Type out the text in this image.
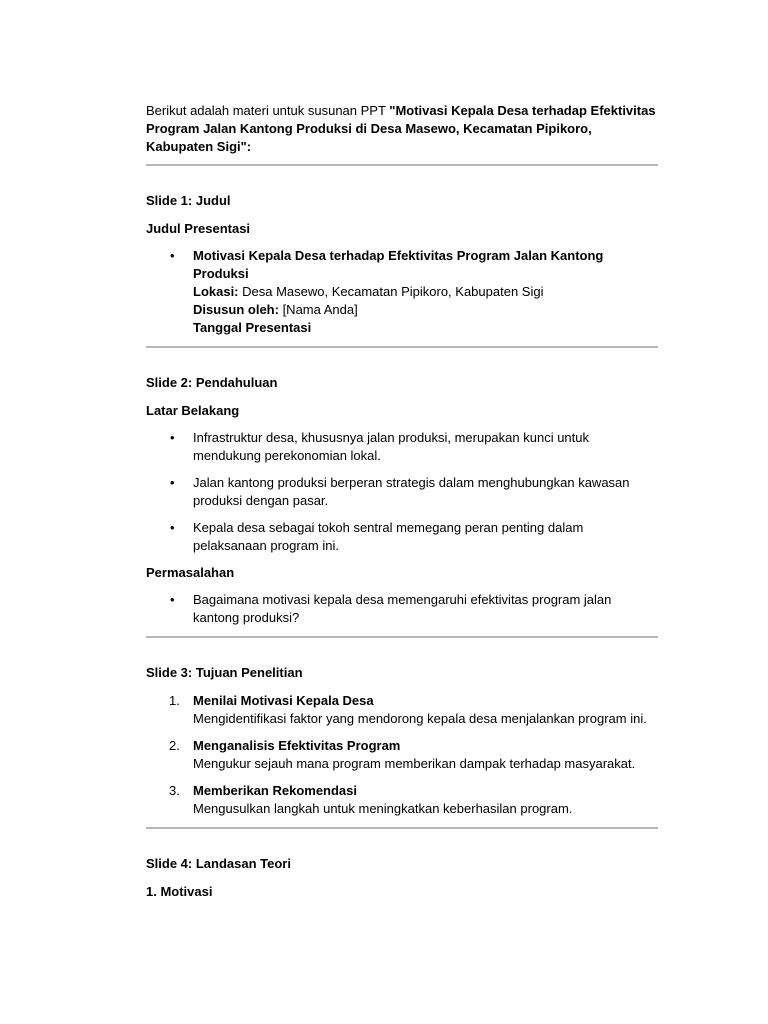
Berikut adalah materi untuk susunan PPT "Motivasi Kepala Desa terhadap Efektivitas Program Jalan Kantong Produksi di Desa Masewo, Kecamatan Pipikoro, Kabupaten Sigi":

Slide 1: Judul

Judul Presentasi

• Motivasi Kepala Desa terhadap Efektivitas Program Jalan Kantong Produksi
Lokasi: Desa Masewo, Kecamatan Pipikoro, Kabupaten Sigi
Disusun oleh: [Nama Anda]
Tanggal Presentasi

Slide 2: Pendahuluan

Latar Belakang

• Infrastruktur desa, khususnya jalan produksi, merupakan kunci untuk mendukung perekonomian lokal.
• Jalan kantong produksi berperan strategis dalam menghubungkan kawasan produksi dengan pasar.
• Kepala desa sebagai tokoh sentral memegang peran penting dalam pelaksanaan program ini.

Permasalahan

• Bagaimana motivasi kepala desa memengaruhi efektivitas program jalan kantong produksi?

Slide 3: Tujuan Penelitian

1. Menilai Motivasi Kepala Desa
Mengidentifikasi faktor yang mendorong kepala desa menjalankan program ini.
2. Menganalisis Efektivitas Program
Mengukur sejauh mana program memberikan dampak terhadap masyarakat.
3. Memberikan Rekomendasi
Mengusulkan langkah untuk meningkatkan keberhasilan program.

Slide 4: Landasan Teori

1. Motivasi
